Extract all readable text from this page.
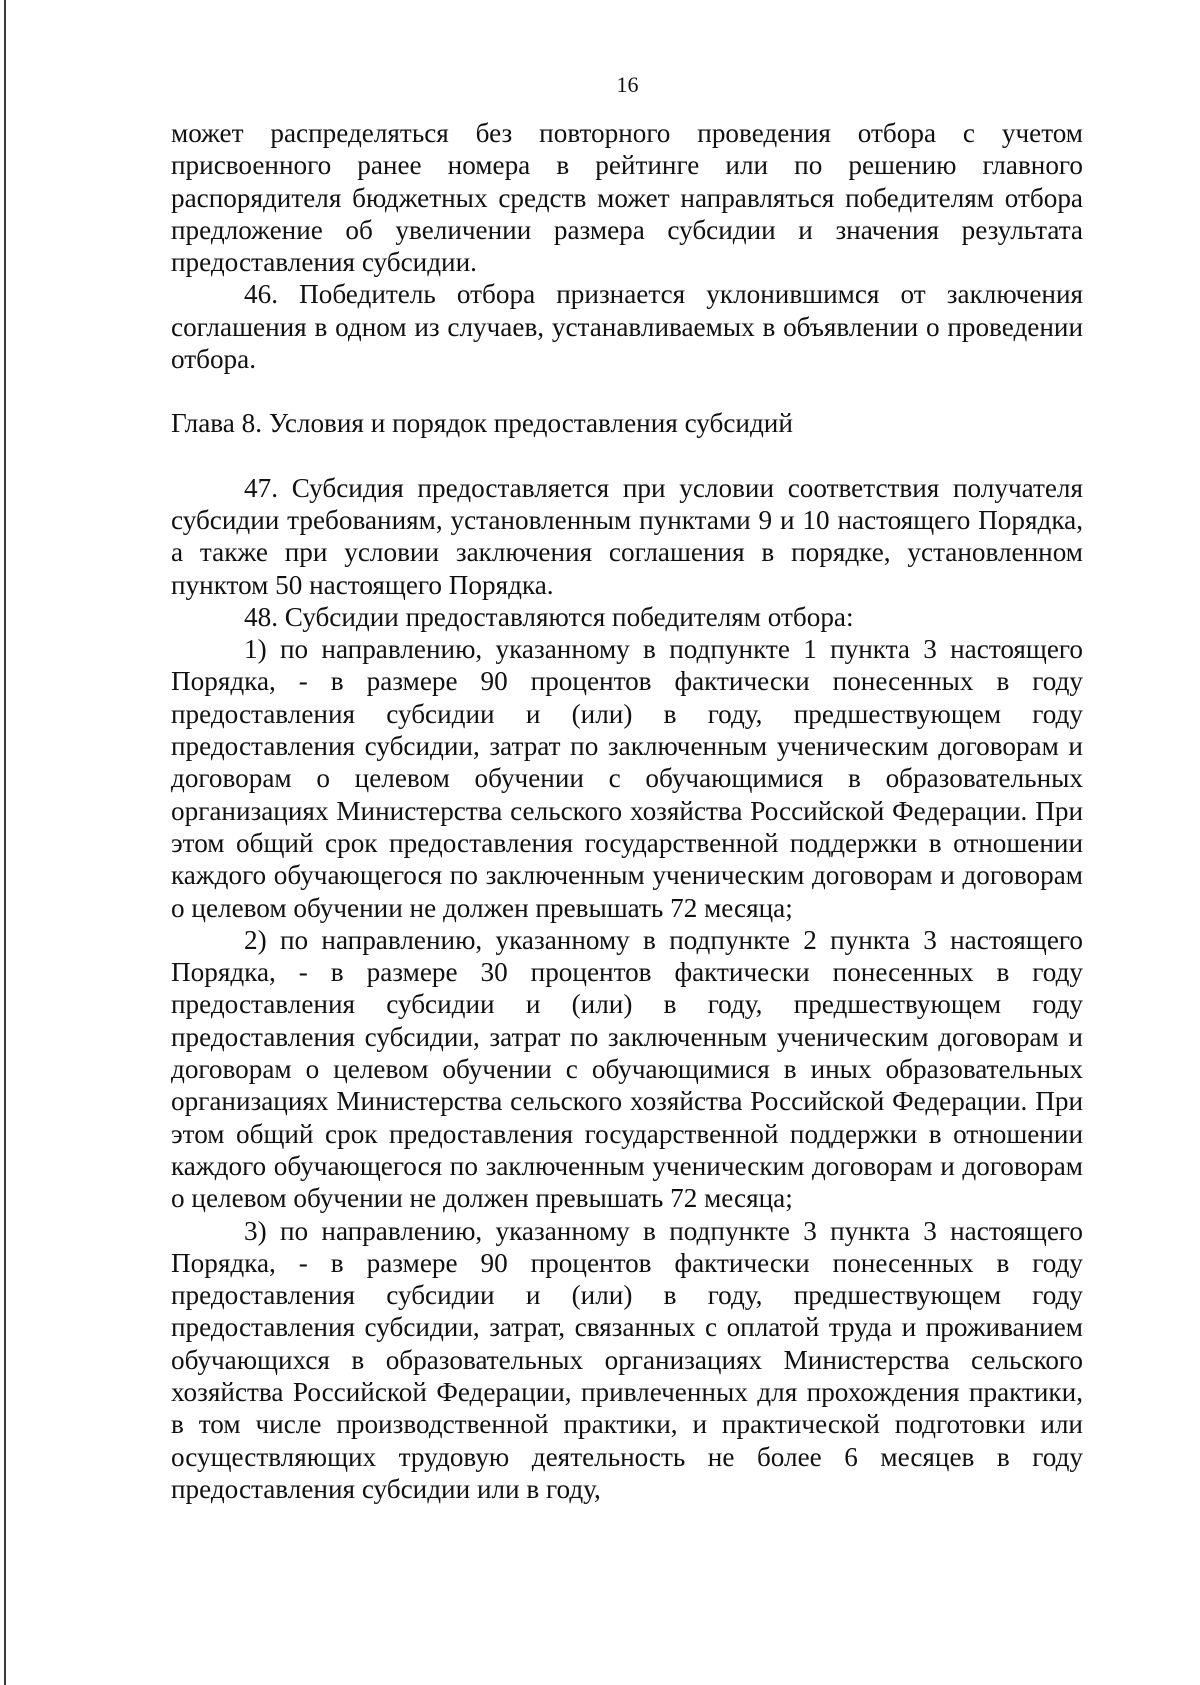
16

может распределяться без повторного проведения отбора с учетом присвоенного ранее номера в рейтинге или по решению главного распорядителя бюджетных средств может направляться победителям отбора предложение об увеличении размера субсидии и значения результата предоставления субсидии.

46. Победитель отбора признается уклонившимся от заключения соглашения в одном из случаев, устанавливаемых в объявлении о проведении отбора.

Глава 8. Условия и порядок предоставления субсидий

47. Субсидия предоставляется при условии соответствия получателя субсидии требованиям, установленным пунктами 9 и 10 настоящего Порядка, а также при условии заключения соглашения в порядке, установленном пунктом 50 настоящего Порядка.

48. Субсидии предоставляются победителям отбора:

1) по направлению, указанному в подпункте 1 пункта 3 настоящего Порядка, - в размере 90 процентов фактически понесенных в году предоставления субсидии и (или) в году, предшествующем году предоставления субсидии, затрат по заключенным ученическим договорам и договорам о целевом обучении с обучающимися в образовательных организациях Министерства сельского хозяйства Российской Федерации. При этом общий срок предоставления государственной поддержки в отношении каждого обучающегося по заключенным ученическим договорам и договорам о целевом обучении не должен превышать 72 месяца;

2) по направлению, указанному в подпункте 2 пункта 3 настоящего Порядка, - в размере 30 процентов фактически понесенных в году предоставления субсидии и (или) в году, предшествующем году предоставления субсидии, затрат по заключенным ученическим договорам и договорам о целевом обучении с обучающимися в иных образовательных организациях Министерства сельского хозяйства Российской Федерации. При этом общий срок предоставления государственной поддержки в отношении каждого обучающегося по заключенным ученическим договорам и договорам о целевом обучении не должен превышать 72 месяца;

3) по направлению, указанному в подпункте 3 пункта 3 настоящего Порядка, - в размере 90 процентов фактически понесенных в году предоставления субсидии и (или) в году, предшествующем году предоставления субсидии, затрат, связанных с оплатой труда и проживанием обучающихся в образовательных организациях Министерства сельского хозяйства Российской Федерации, привлеченных для прохождения практики, в том числе производственной практики, и практической подготовки или осуществляющих трудовую деятельность не более 6 месяцев в году предоставления субсидии или в году,
